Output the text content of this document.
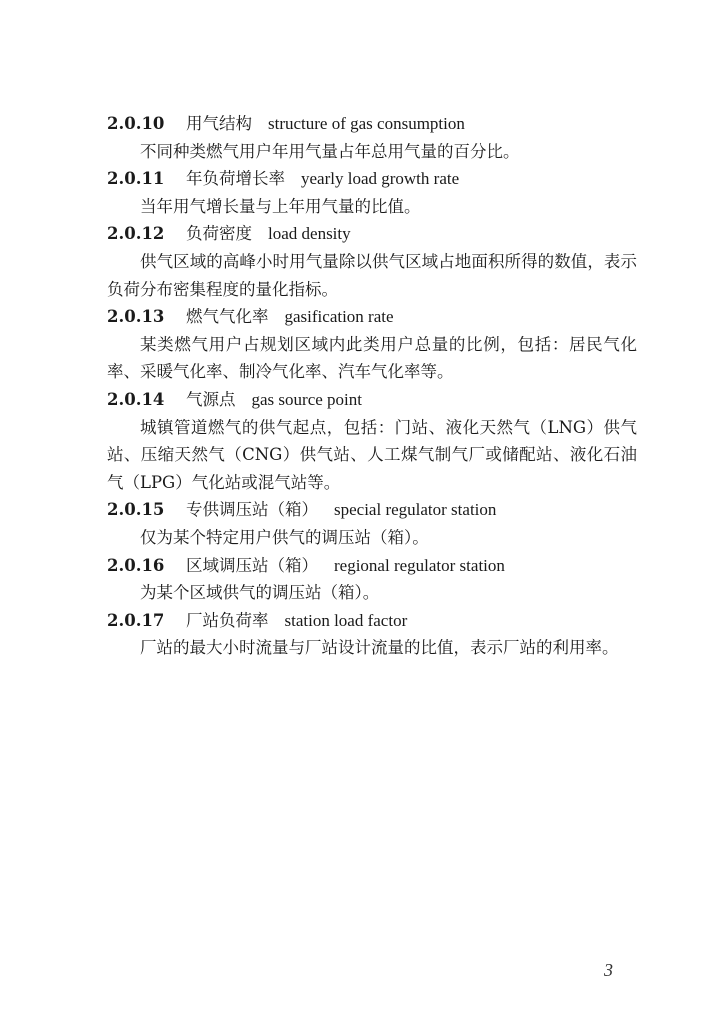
2.0.10 用气结构 structure of gas consumption

不同种类燃气用户年用气量占年总用气量的百分比。

2.0.11 年负荷增长率 yearly load growth rate

当年用气增长量与上年用气量的比值。

2.0.12 负荷密度 load density

供气区域的高峰小时用气量除以供气区域占地面积所得的数值，表示负荷分布密集程度的量化指标。

2.0.13 燃气气化率 gasification rate

某类燃气用户占规划区域内此类用户总量的比例，包括：居民气化率、采暖气化率、制冷气化率、汽车气化率等。

2.0.14 气源点 gas source point

城镇管道燃气的供气起点，包括：门站、液化天然气（LNG）供气站、压缩天然气（CNG）供气站、人工煤气制气厂或储配站、液化石油气（LPG）气化站或混气站等。

2.0.15 专供调压站（箱） special regulator station

仅为某个特定用户供气的调压站（箱）。

2.0.16 区域调压站（箱） regional regulator station

为某个区域供气的调压站（箱）。

2.0.17 厂站负荷率 station load factor

厂站的最大小时流量与厂站设计流量的比值，表示厂站的利用率。

3
